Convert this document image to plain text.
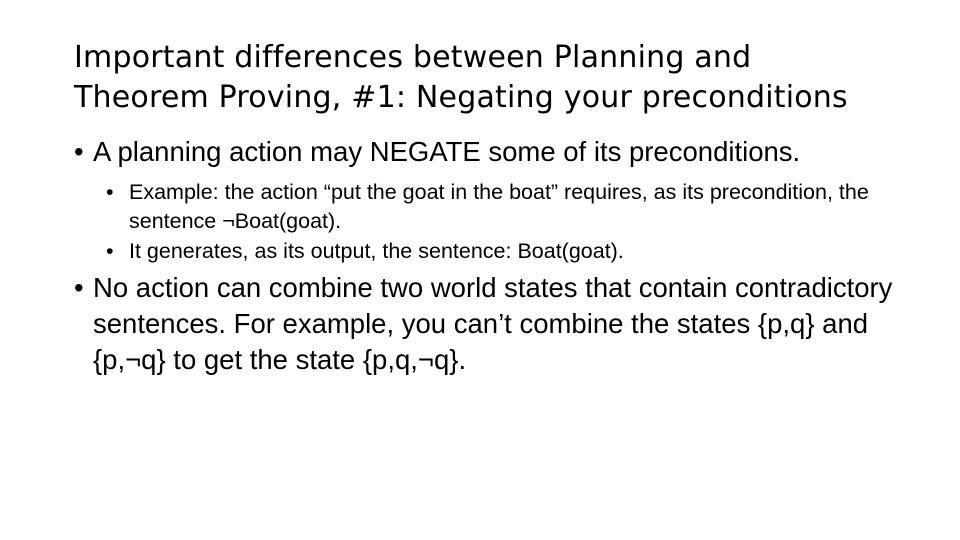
Important differences between Planning and
Theorem Proving, #1: Negating your preconditions
• A planning action may NEGATE some of its preconditions.
• Example: the action “put the goat in the boat” requires, as its precondition, the sentence ¬Boat(goat).
• It generates, as its output, the sentence: Boat(goat).
• No action can combine two world states that contain contradictory sentences. For example, you can’t combine the states {p,q} and {p,¬q} to get the state {p,q,¬q}.
